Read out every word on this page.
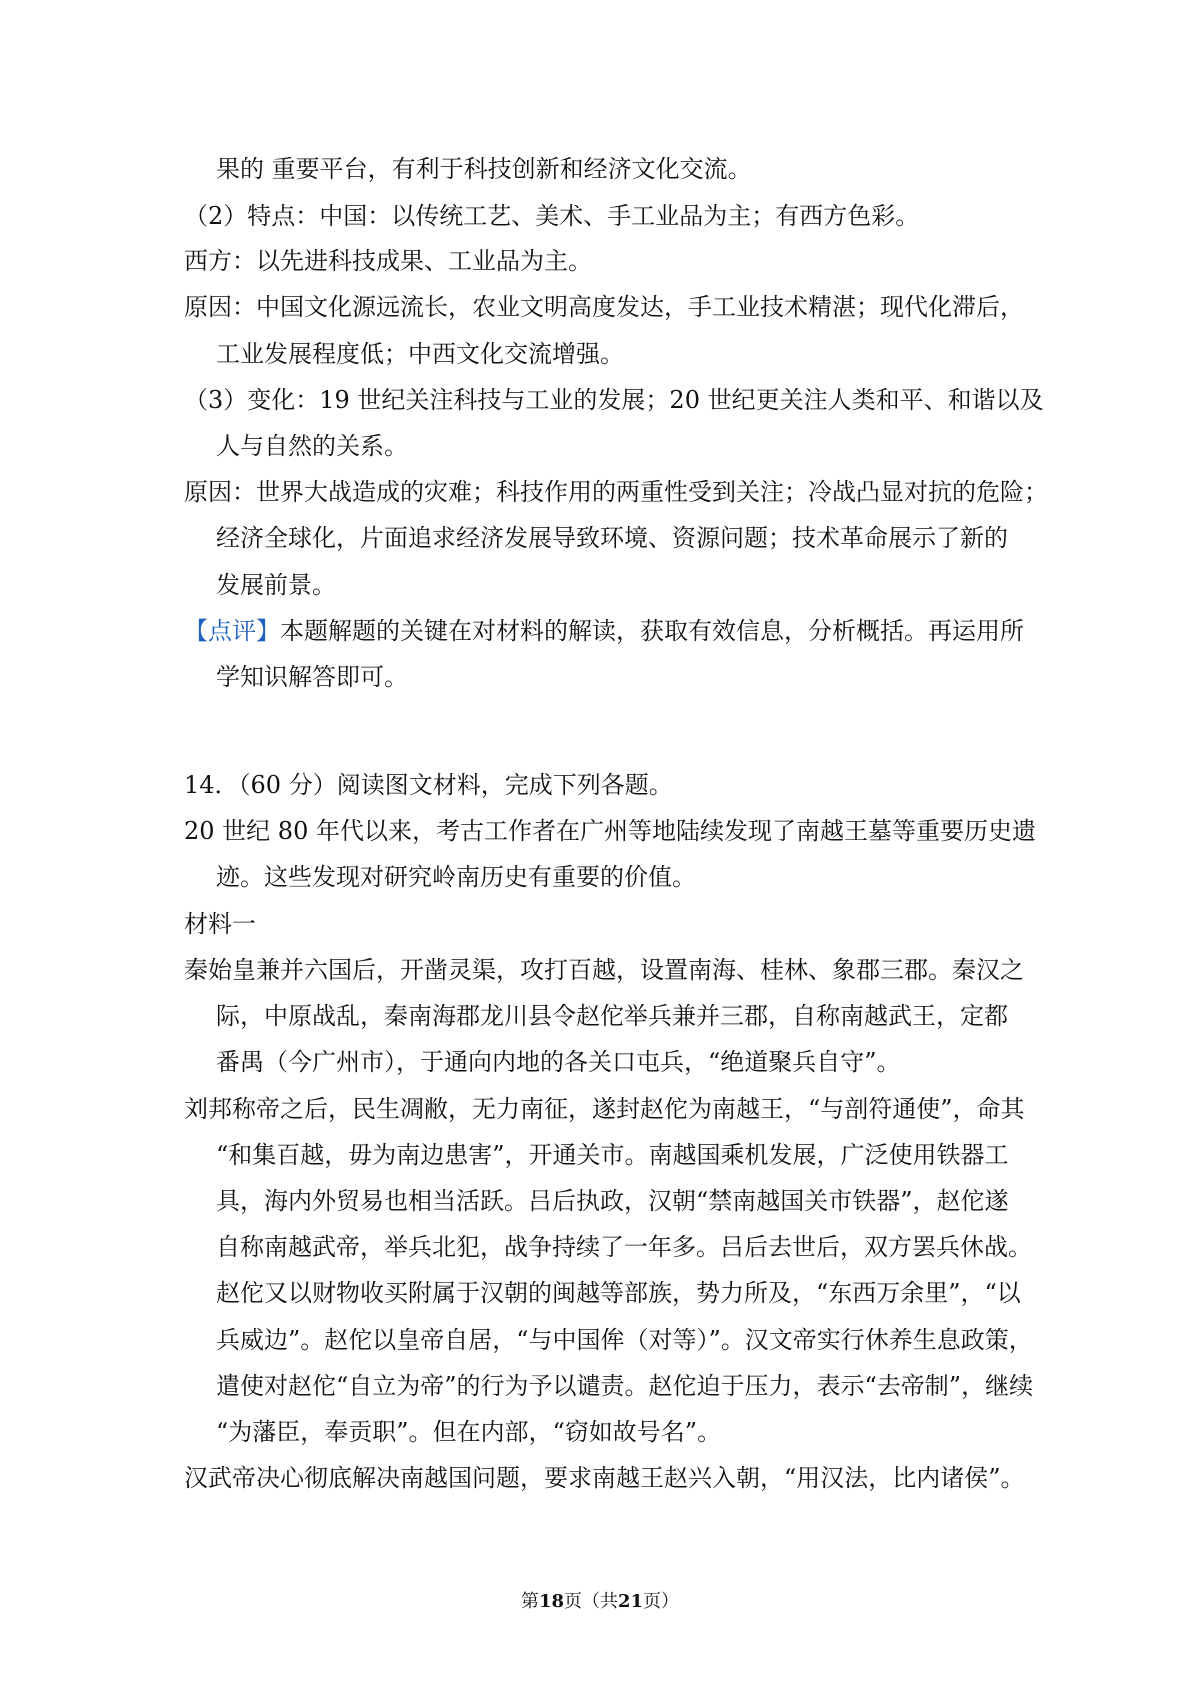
果的 重要平台，有利于科技创新和经济文化交流。
（2）特点：中国：以传统工艺、美术、手工业品为主；有西方色彩。
西方：以先进科技成果、工业品为主。
原因：中国文化源远流长，农业文明高度发达，手工业技术精湛；现代化滞后，
工业发展程度低；中西文化交流增强。
（3）变化：19 世纪关注科技与工业的发展；20 世纪更关注人类和平、和谐以及
人与自然的关系。
原因：世界大战造成的灾难；科技作用的两重性受到关注；冷战凸显对抗的危险；
经济全球化，片面追求经济发展导致环境、资源问题；技术革命展示了新的
发展前景。
【点评】本题解题的关键在对材料的解读，获取有效信息，分析概括。再运用所
学知识解答即可。
14．（60 分）阅读图文材料，完成下列各题。
20 世纪 80 年代以来，考古工作者在广州等地陆续发现了南越王墓等重要历史遗
迹。这些发现对研究岭南历史有重要的价值。
材料一
秦始皇兼并六国后，开凿灵渠，攻打百越，设置南海、桂林、象郡三郡。秦汉之
际，中原战乱，秦南海郡龙川县令赵佗举兵兼并三郡，自称南越武王，定都
番禺（今广州市），于通向内地的各关口屯兵，“绝道聚兵自守”。
刘邦称帝之后，民生凋敝，无力南征，遂封赵佗为南越王，“与剖符通使”，命其
“和集百越，毋为南边患害”，开通关市。南越国乘机发展，广泛使用铁器工
具，海内外贸易也相当活跃。吕后执政，汉朝“禁南越国关市铁器”，赵佗遂
自称南越武帝，举兵北犯，战争持续了一年多。吕后去世后，双方罢兵休战。
赵佗又以财物收买附属于汉朝的闽越等部族，势力所及，“东西万余里”，“以
兵威边”。赵佗以皇帝自居，“与中国侔（对等）”。汉文帝实行休养生息政策，
遣使对赵佗“自立为帝”的行为予以谴责。赵佗迫于压力，表示“去帝制”，继续
“为藩臣，奉贡职”。但在内部，“窃如故号名”。
汉武帝决心彻底解决南越国问题，要求南越王赵兴入朝，“用汉法，比内诸侯”。
第18页（共21页）
